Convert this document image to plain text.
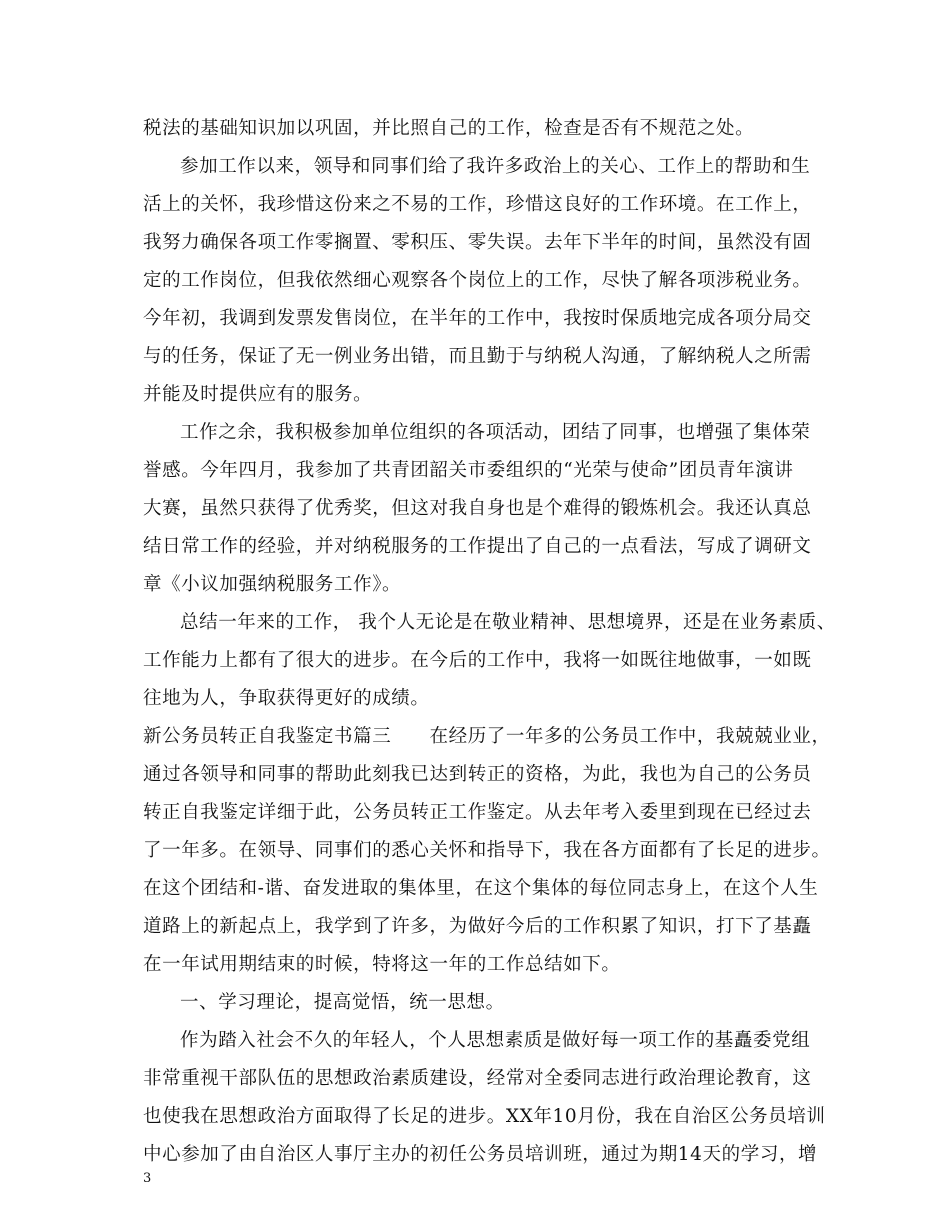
税法的基础知识加以巩固，并比照自己的工作，检查是否有不规范之处。
参加工作以来，领导和同事们给了我许多政治上的关心、工作上的帮助和生
活上的关怀，我珍惜这份来之不易的工作，珍惜这良好的工作环境。在工作上，
我努力确保各项工作零搁置、零积压、零失误。去年下半年的时间，虽然没有固
定的工作岗位，但我依然细心观察各个岗位上的工作，尽快了解各项涉税业务。
今年初，我调到发票发售岗位，在半年的工作中，我按时保质地完成各项分局交
与的任务，保证了无一例业务出错，而且勤于与纳税人沟通，了解纳税人之所需
并能及时提供应有的服务。
工作之余，我积极参加单位组织的各项活动，团结了同事，也增强了集体荣
誉感。今年四月，我参加了共青团韶关市委组织的“光荣与使命”团员青年演讲
大赛，虽然只获得了优秀奖，但这对我自身也是个难得的锻炼机会。我还认真总
结日常工作的经验，并对纳税服务的工作提出了自己的一点看法，写成了调研文
章《小议加强纳税服务工作》。
总结一年来的工作， 我个人无论是在敬业精神、思想境界，还是在业务素质、
工作能力上都有了很大的进步。在今后的工作中，我将一如既往地做事，一如既
往地为人，争取获得更好的成绩。
新公务员转正自我鉴定书篇三　　在经历了一年多的公务员工作中，我兢兢业业，
通过各领导和同事的帮助此刻我已达到转正的资格，为此，我也为自己的公务员
转正自我鉴定详细于此，公务员转正工作鉴定。从去年考入委里到现在已经过去
了一年多。在领导、同事们的悉心关怀和指导下，我在各方面都有了长足的进步。
在这个团结和-谐、奋发进取的集体里，在这个集体的每位同志身上，在这个人生
道路上的新起点上，我学到了许多，为做好今后的工作积累了知识，打下了基矗
在一年试用期结束的时候，特将这一年的工作总结如下。
一、学习理论，提高觉悟，统一思想。
作为踏入社会不久的年轻人，个人思想素质是做好每一项工作的基矗委党组
非常重视干部队伍的思想政治素质建设，经常对全委同志进行政治理论教育，这
也使我在思想政治方面取得了长足的进步。XX年10月份，我在自治区公务员培训
中心参加了由自治区人事厅主办的初任公务员培训班，通过为期14天的学习，增
3
